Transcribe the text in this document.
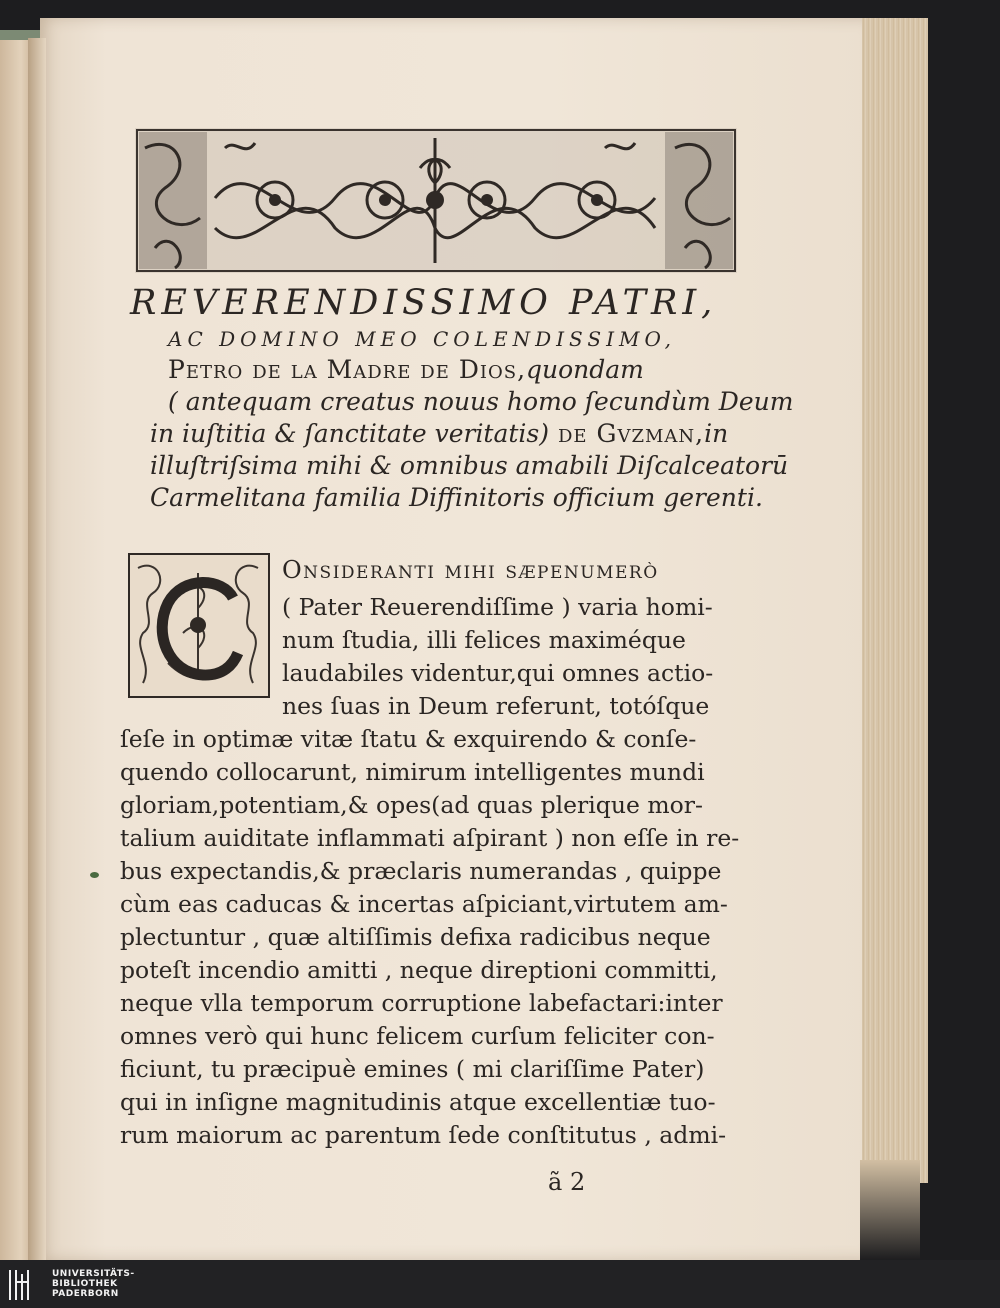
REVERENDISSIMO PATRI,
AC DOMINO MEO COLENDISSIMO,
Petro de la Madre de Dios,quondam
( antequam creatus nouus homo ſecundùm Deum
in iuſtitia & ſanctitate veritatis) de Gvzman,in
illuſtriſsima mihi & omnibus amabili Diſcalceatorū
Carmelitana familia Diffinitoris officium gerenti.
Onsideranti mihi ſæpenumerò
( Pater Reuerendiſſime ) varia homi-
num ſtudia, illi felices maximéque
laudabiles videntur,qui omnes actio-
nes ſuas in Deum referunt, totóſque
ſeſe in optimæ vitæ ſtatu & exquirendo & conſe-
quendo collocarunt, nimirum intelligentes mundi
gloriam,potentiam,& opes(ad quas plerique mor-
talium auiditate inflammati aſpirant ) non eſſe in re-
bus expectandis,& præclaris numerandas , quippe
cùm eas caducas & incertas aſpiciant,virtutem am-
plectuntur , quæ altiſſimis defixa radicibus neque
poteſt incendio amitti , neque direptioni committi,
neque vlla temporum corruptione labefactari:inter
omnes verò qui hunc felicem curſum feliciter con-
ficiunt, tu præcipuè emines ( mi clariſſime Pater)
qui in inſigne magnitudinis atque excellentiæ tuo-
rum maiorum ac parentum ſede conſtitutus , admi-
ã 2
UNIVERSITÄTS-
BIBLIOTHEK
PADERBORN
